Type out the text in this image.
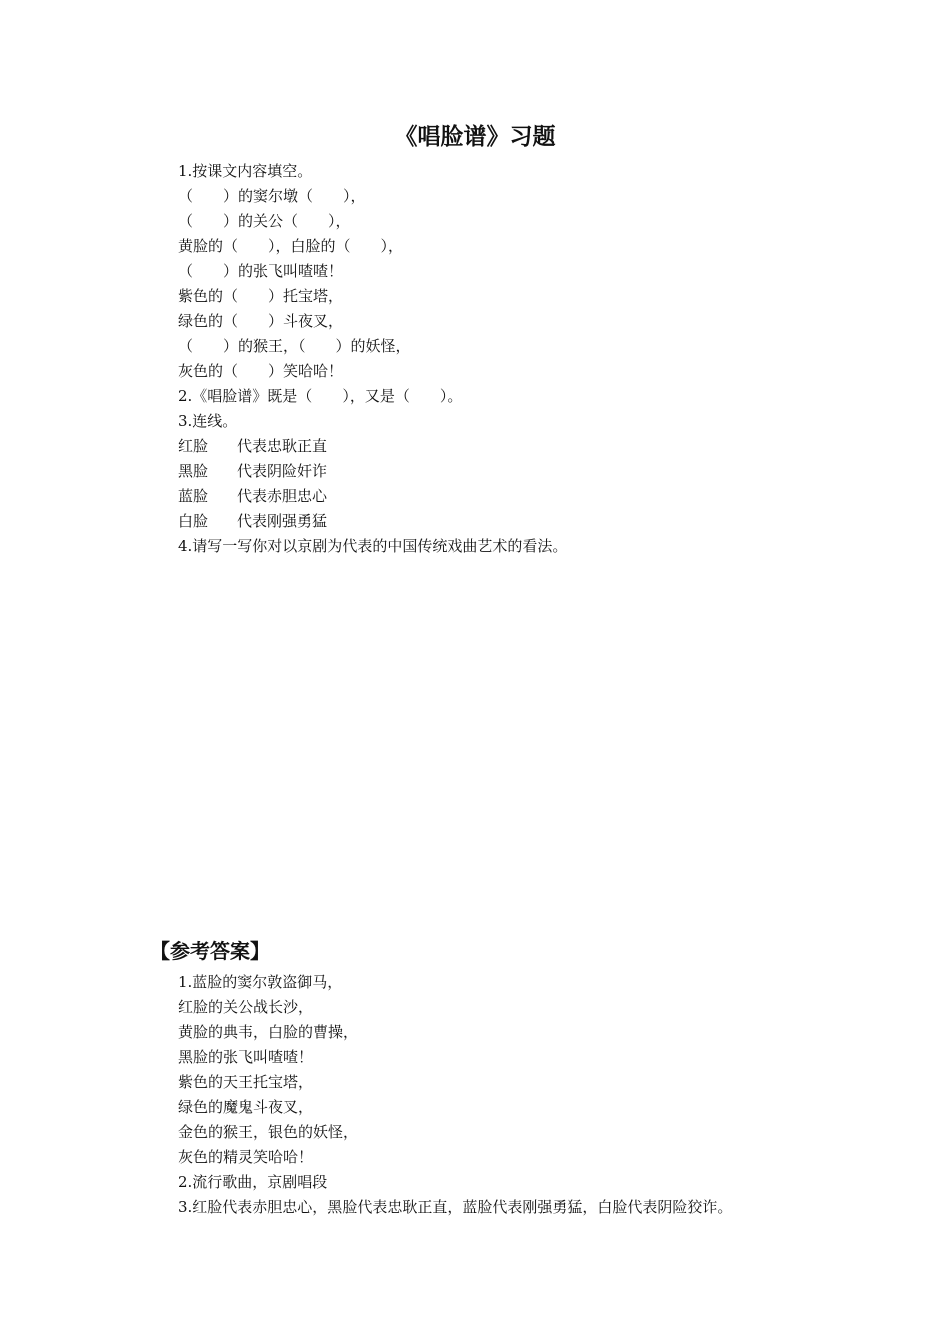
《唱脸谱》习题
1.按课文内容填空。
（　　）的窦尔墩（　　），
（　　）的关公（　　），
黄脸的（　　），白脸的（　　），
（　　）的张飞叫喳喳！
紫色的（　　）托宝塔，
绿色的（　　）斗夜叉，
（　　）的猴王，（　　）的妖怪，
灰色的（　　）笑哈哈！
2.《唱脸谱》既是（　　），又是（　　）。
3.连线。
红脸	代表忠耿正直
黑脸	代表阴险奸诈
蓝脸	代表赤胆忠心
白脸	代表刚强勇猛
4.请写一写你对以京剧为代表的中国传统戏曲艺术的看法。
【参考答案】
1.蓝脸的窦尔敦盗御马，
红脸的关公战长沙，
黄脸的典韦，白脸的曹操，
黑脸的张飞叫喳喳！
紫色的天王托宝塔，
绿色的魔鬼斗夜叉，
金色的猴王，银色的妖怪，
灰色的精灵笑哈哈！
2.流行歌曲，京剧唱段
3.红脸代表赤胆忠心，黑脸代表忠耿正直，蓝脸代表刚强勇猛，白脸代表阴险狡诈。
